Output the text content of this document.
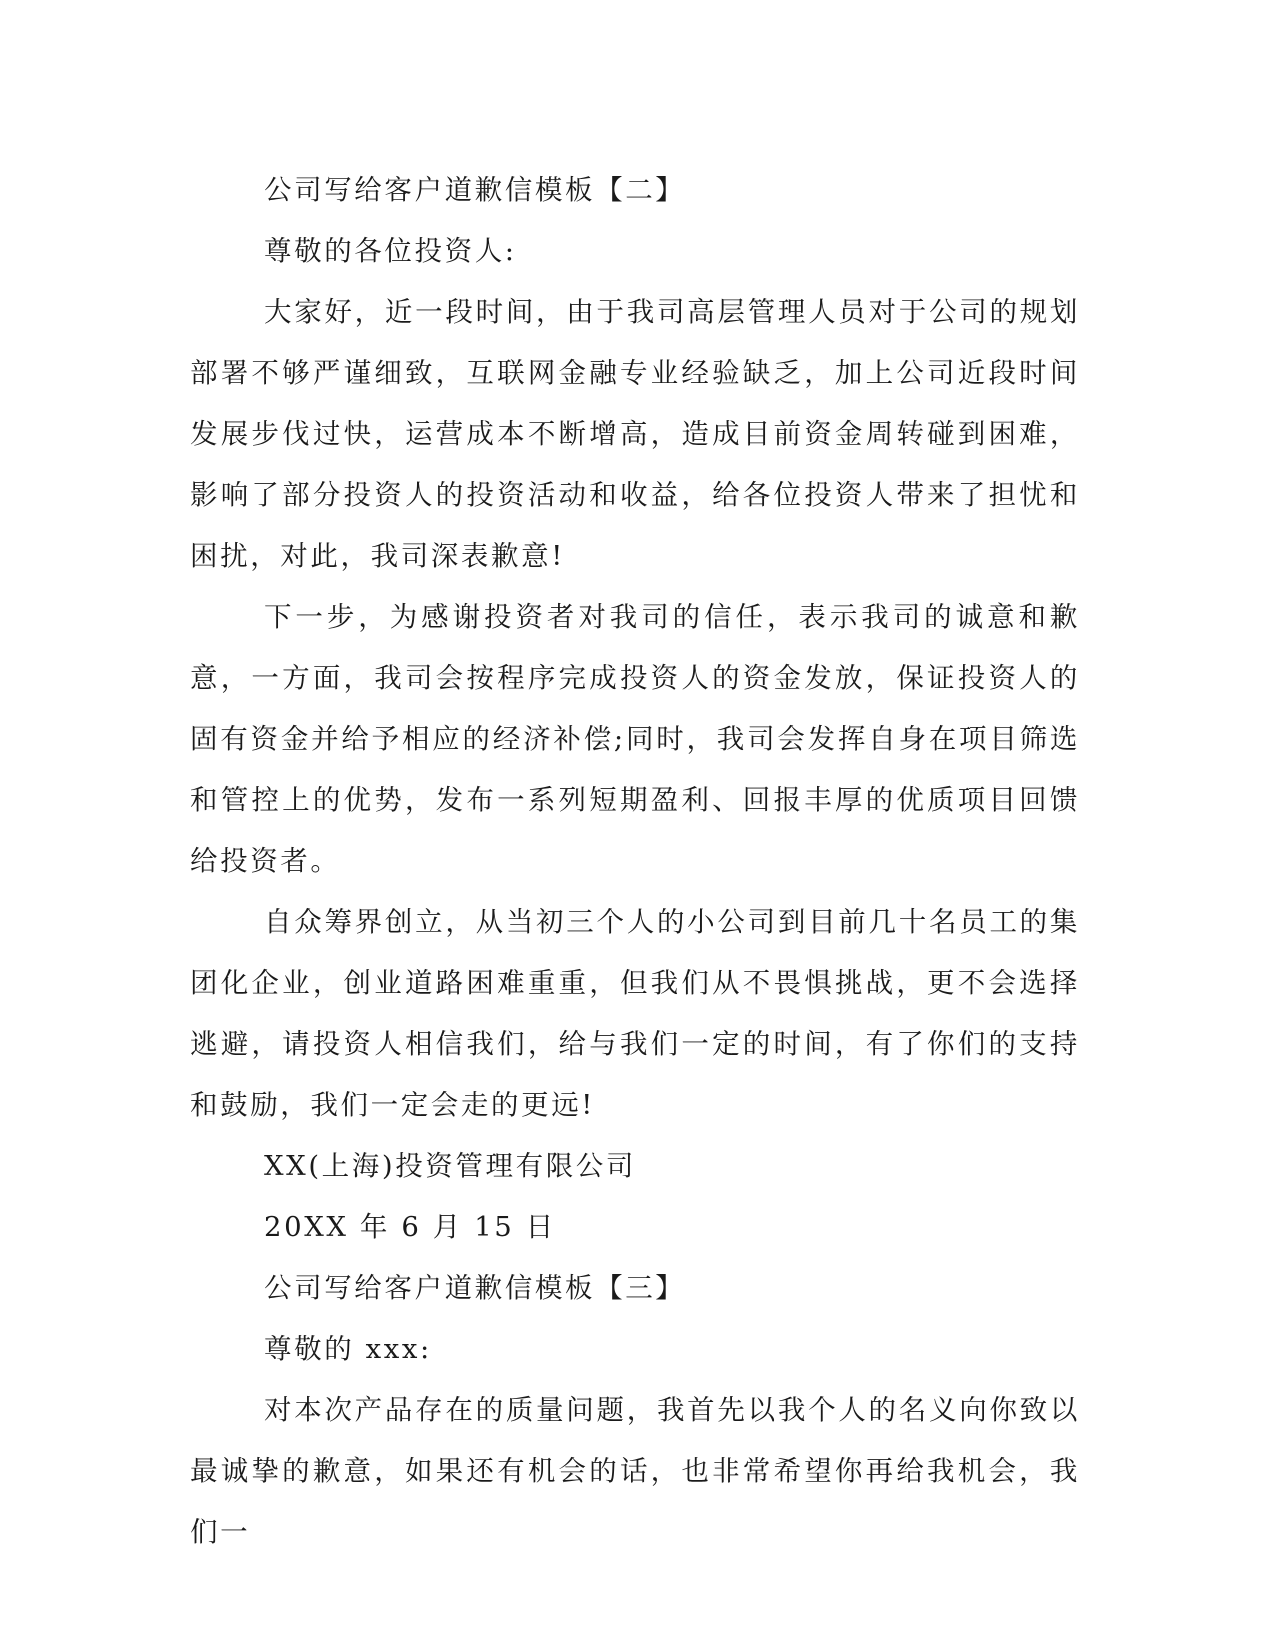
公司写给客户道歉信模板【二】

尊敬的各位投资人:

大家好，近一段时间，由于我司高层管理人员对于公司的规划部署不够严谨细致，互联网金融专业经验缺乏，加上公司近段时间发展步伐过快，运营成本不断增高，造成目前资金周转碰到困难，影响了部分投资人的投资活动和收益，给各位投资人带来了担忧和困扰，对此，我司深表歉意!

下一步，为感谢投资者对我司的信任，表示我司的诚意和歉意，一方面，我司会按程序完成投资人的资金发放，保证投资人的固有资金并给予相应的经济补偿;同时，我司会发挥自身在项目筛选和管控上的优势，发布一系列短期盈利、回报丰厚的优质项目回馈给投资者。

自众筹界创立，从当初三个人的小公司到目前几十名员工的集团化企业，创业道路困难重重，但我们从不畏惧挑战，更不会选择逃避，请投资人相信我们，给与我们一定的时间，有了你们的支持和鼓励，我们一定会走的更远!

XX(上海)投资管理有限公司

20XX 年 6 月 15 日

公司写给客户道歉信模板【三】

尊敬的 xxx:

对本次产品存在的质量问题，我首先以我个人的名义向你致以最诚挚的歉意，如果还有机会的话，也非常希望你再给我机会，我们一
